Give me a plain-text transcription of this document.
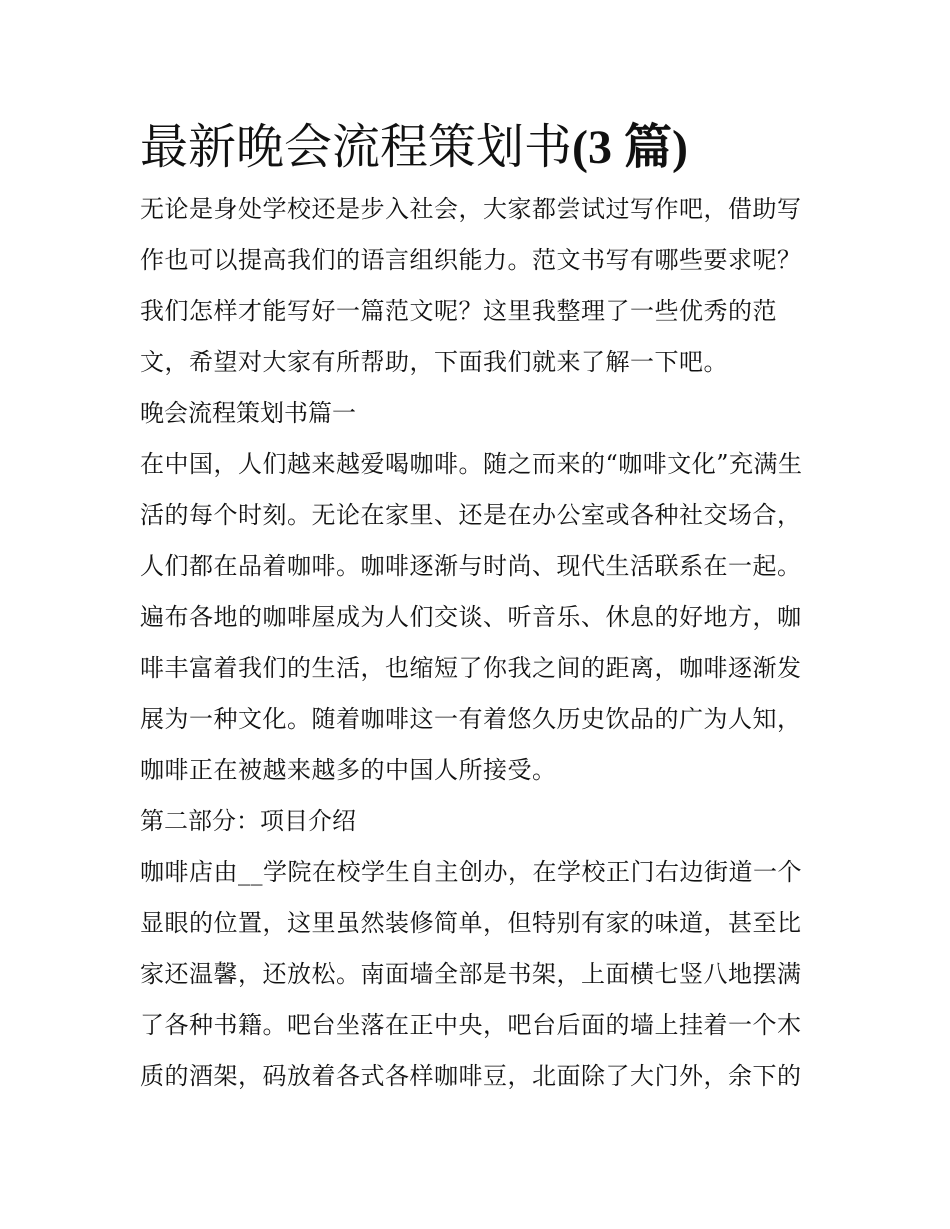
最新晚会流程策划书(3 篇)
无论是身处学校还是步入社会，大家都尝试过写作吧，借助写
作也可以提高我们的语言组织能力。范文书写有哪些要求呢？
我们怎样才能写好一篇范文呢？这里我整理了一些优秀的范
文，希望对大家有所帮助，下面我们就来了解一下吧。
晚会流程策划书篇一
在中国，人们越来越爱喝咖啡。随之而来的“咖啡文化”充满生
活的每个时刻。无论在家里、还是在办公室或各种社交场合，
人们都在品着咖啡。咖啡逐渐与时尚、现代生活联系在一起。
遍布各地的咖啡屋成为人们交谈、听音乐、休息的好地方，咖
啡丰富着我们的生活，也缩短了你我之间的距离，咖啡逐渐发
展为一种文化。随着咖啡这一有着悠久历史饮品的广为人知，
咖啡正在被越来越多的中国人所接受。
第二部分：项目介绍
咖啡店由__学院在校学生自主创办，在学校正门右边街道一个
显眼的位置，这里虽然装修简单，但特别有家的味道，甚至比
家还温馨，还放松。南面墙全部是书架，上面横七竖八地摆满
了各种书籍。吧台坐落在正中央，吧台后面的墙上挂着一个木
质的酒架，码放着各式各样咖啡豆，北面除了大门外，余下的
